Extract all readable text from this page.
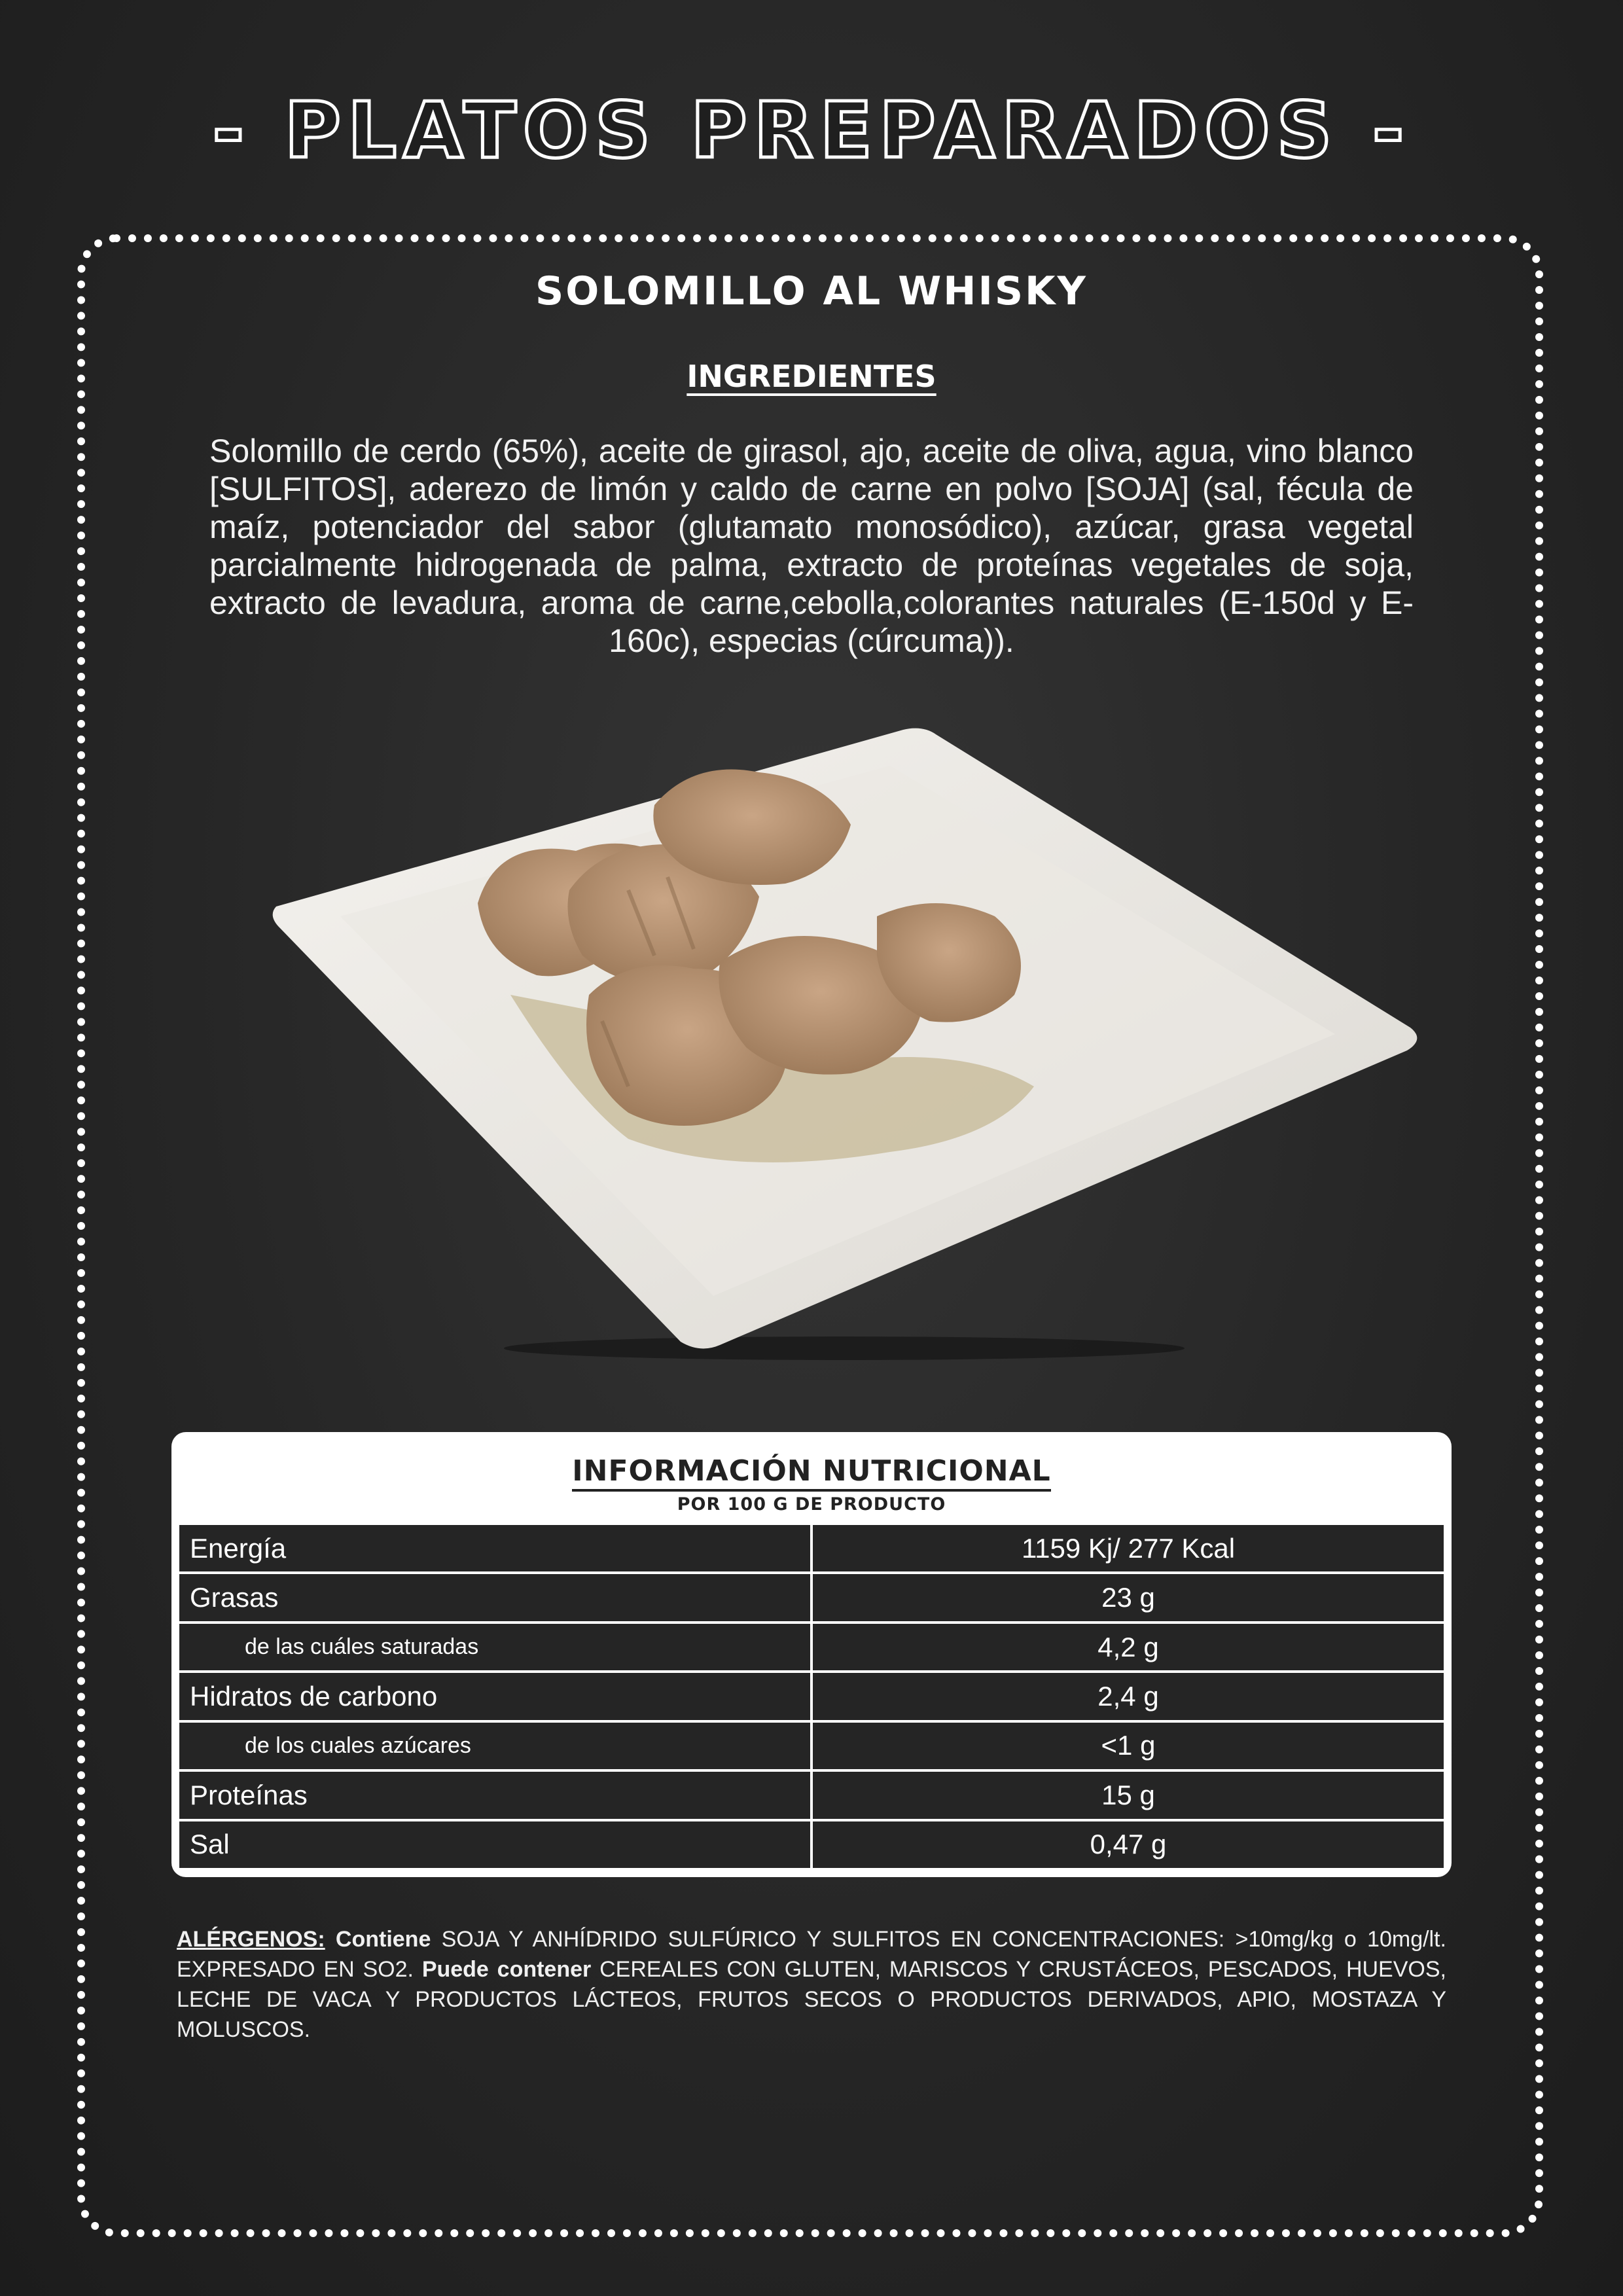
- PLATOS PREPARADOS -
SOLOMILLO AL WHISKY
INGREDIENTES
Solomillo de cerdo (65%), aceite de girasol, ajo, aceite de oliva, agua, vino blanco [SULFITOS], aderezo de limón y caldo de carne en polvo [SOJA] (sal, fécula de maíz, potenciador del sabor (glutamato monosódico), azúcar, grasa vegetal parcialmente hidrogenada de palma, extracto de proteínas vegetales de soja, extracto de levadura, aroma de carne,cebolla,colorantes naturales (E-150d y E-160c), especias (cúrcuma)).
INFORMACIÓN NUTRICIONAL
POR 100 G DE PRODUCTO
Energía	1159 Kj/ 277 Kcal
Grasas	23 g
de las cuáles saturadas	4,2 g
Hidratos de carbono	2,4 g
de los cuales azúcares	<1 g
Proteínas	15 g
Sal	0,47 g
ALÉRGENOS: Contiene SOJA Y ANHÍDRIDO SULFÚRICO Y SULFITOS EN CONCENTRACIONES: >10mg/kg o 10mg/lt. EXPRESADO EN SO2. Puede contener CEREALES CON GLUTEN, MARISCOS Y CRUSTÁCEOS, PESCADOS, HUEVOS, LECHE DE VACA Y PRODUCTOS LÁCTEOS, FRUTOS SECOS O PRODUCTOS DERIVADOS, APIO, MOSTAZA Y MOLUSCOS.
